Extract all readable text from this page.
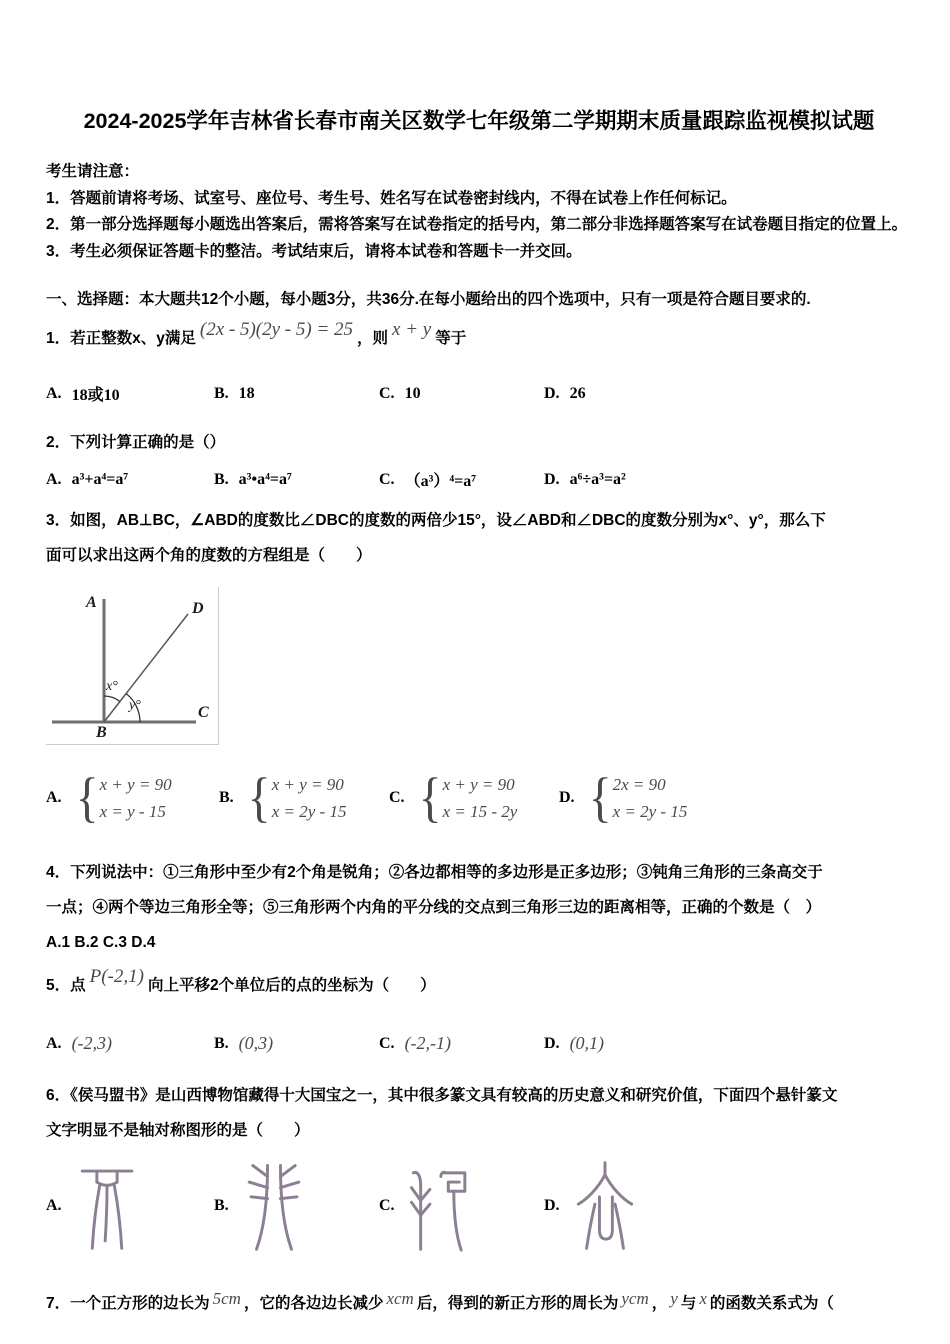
2024-2025学年吉林省长春市南关区数学七年级第二学期期末质量跟踪监视模拟试题

考生请注意：

1．答题前请将考场、试室号、座位号、考生号、姓名写在试卷密封线内，不得在试卷上作任何标记。

2．第一部分选择题每小题选出答案后，需将答案写在试卷指定的括号内，第二部分非选择题答案写在试卷题目指定的位置上。

3．考生必须保证答题卡的整洁。考试结束后，请将本试卷和答题卡一并交回。

一、选择题：本大题共12个小题，每小题3分，共36分.在每小题给出的四个选项中，只有一项是符合题目要求的.

1．若正整数x、y满足 (2x - 5)(2y - 5) = 25 ，则 x + y 等于
A. 18或10	B. 18	C. 10	D. 26

2．下列计算正确的是（）

A. a³+a⁴=a⁷	B. a³•a⁴=a⁷	C. （a³）⁴=a⁷	D. a⁶÷a³=a²

3．如图，AB⊥BC，∠ABD的度数比∠DBC的度数的两倍少15°，设∠ABD和∠DBC的度数分别为x°、y°，那么下

面可以求出这两个角的度数的方程组是（　　）

A	D
B
C
x°
y°
A. { x + y = 90
x = y - 15
B. { x + y = 90
x = 2y - 15
C. { x + y = 90
x = 15 - 2y
D. { 2x = 90
x = 2y - 15

4．下列说法中：①三角形中至少有2个角是锐角；②各边都相等的多边形是正多边形；③钝角三角形的三条高交于

一点；④两个等边三角形全等；⑤三角形两个内角的平分线的交点到三角形三边的距离相等，正确的个数是（　）

A.1 B.2 C.3 D.4

5．点 P(-2,1) 向上平移2个单位后的点的坐标为（　　）
A. (-2,3)	B. (0,3)	C. (-2,-1)	D. (0,1)

6．《侯马盟书》是山西博物馆藏得十大国宝之一，其中很多篆文具有较高的历史意义和研究价值，下面四个悬针篆文

文字明显不是轴对称图形的是（　　）

A.	B.	C.	D.
7．一个正方形的边长为 5cm ，它的各边边长减少 xcm 后，得到的新正方形的周长为 ycm ， y 与 x 的函数关系式为（
